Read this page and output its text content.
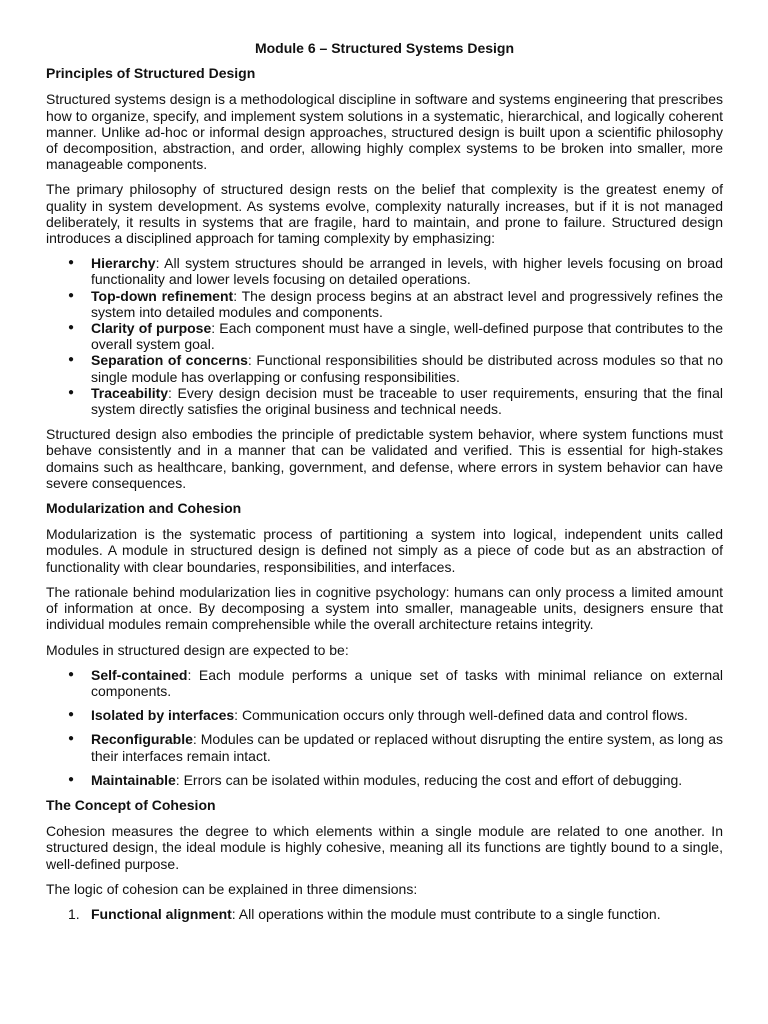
Module 6 – Structured Systems Design
Principles of Structured Design

Structured systems design is a methodological discipline in software and systems engineering that prescribes how to organize, specify, and implement system solutions in a systematic, hierarchical, and logically coherent manner. Unlike ad-hoc or informal design approaches, structured design is built upon a scientific philosophy of decomposition, abstraction, and order, allowing highly complex systems to be broken into smaller, more manageable components.

The primary philosophy of structured design rests on the belief that complexity is the greatest enemy of quality in system development. As systems evolve, complexity naturally increases, but if it is not managed deliberately, it results in systems that are fragile, hard to maintain, and prone to failure. Structured design introduces a disciplined approach for taming complexity by emphasizing:

● Hierarchy: All system structures should be arranged in levels, with higher levels focusing on broad functionality and lower levels focusing on detailed operations.
● Top-down refinement: The design process begins at an abstract level and progressively refines the system into detailed modules and components.
● Clarity of purpose: Each component must have a single, well-defined purpose that contributes to the overall system goal.
● Separation of concerns: Functional responsibilities should be distributed across modules so that no single module has overlapping or confusing responsibilities.
● Traceability: Every design decision must be traceable to user requirements, ensuring that the final system directly satisfies the original business and technical needs.

Structured design also embodies the principle of predictable system behavior, where system functions must behave consistently and in a manner that can be validated and verified. This is essential for high-stakes domains such as healthcare, banking, government, and defense, where errors in system behavior can have severe consequences.

Modularization and Cohesion

Modularization is the systematic process of partitioning a system into logical, independent units called modules. A module in structured design is defined not simply as a piece of code but as an abstraction of functionality with clear boundaries, responsibilities, and interfaces.

The rationale behind modularization lies in cognitive psychology: humans can only process a limited amount of information at once. By decomposing a system into smaller, manageable units, designers ensure that individual modules remain comprehensible while the overall architecture retains integrity.

Modules in structured design are expected to be:

● Self-contained: Each module performs a unique set of tasks with minimal reliance on external components.
● Isolated by interfaces: Communication occurs only through well-defined data and control flows.
● Reconfigurable: Modules can be updated or replaced without disrupting the entire system, as long as their interfaces remain intact.
● Maintainable: Errors can be isolated within modules, reducing the cost and effort of debugging.
The Concept of Cohesion

Cohesion measures the degree to which elements within a single module are related to one another. In structured design, the ideal module is highly cohesive, meaning all its functions are tightly bound to a single, well-defined purpose.

The logic of cohesion can be explained in three dimensions:

1. Functional alignment: All operations within the module must contribute to a single function.
